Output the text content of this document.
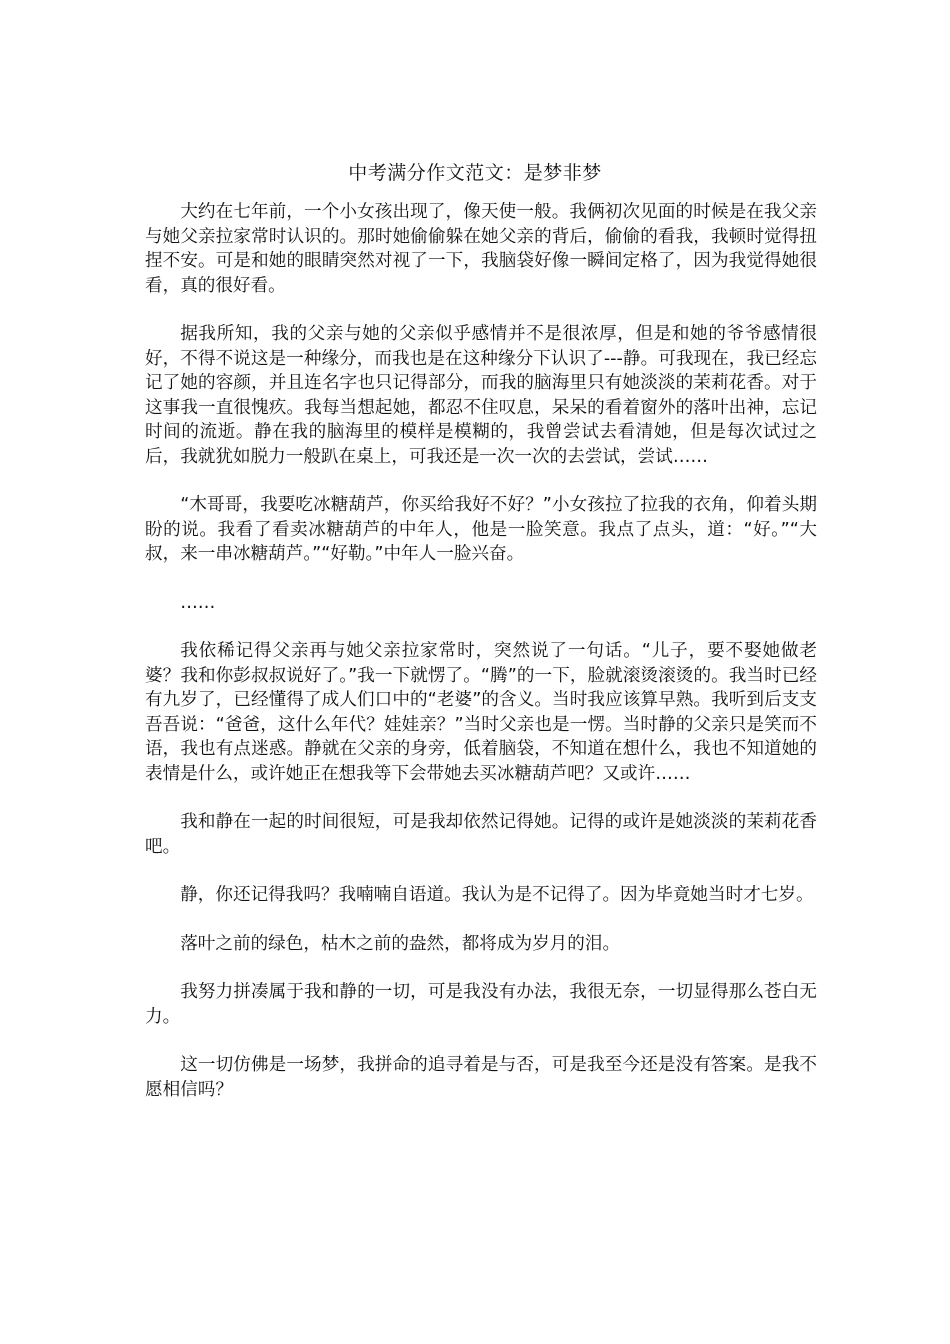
中考满分作文范文：是梦非梦

大约在七年前，一个小女孩出现了，像天使一般。我俩初次见面的时候是在我父亲与她父亲拉家常时认识的。那时她偷偷躲在她父亲的背后，偷偷的看我，我顿时觉得扭捏不安。可是和她的眼睛突然对视了一下，我脑袋好像一瞬间定格了，因为我觉得她很看，真的很好看。

据我所知，我的父亲与她的父亲似乎感情并不是很浓厚，但是和她的爷爷感情很好，不得不说这是一种缘分，而我也是在这种缘分下认识了---静。可我现在，我已经忘记了她的容颜，并且连名字也只记得部分，而我的脑海里只有她淡淡的茉莉花香。对于这事我一直很愧疚。我每当想起她，都忍不住叹息，呆呆的看着窗外的落叶出神，忘记时间的流逝。静在我的脑海里的模样是模糊的，我曾尝试去看清她，但是每次试过之后，我就犹如脱力一般趴在桌上，可我还是一次一次的去尝试，尝试……

“木哥哥，我要吃冰糖葫芦，你买给我好不好？”小女孩拉了拉我的衣角，仰着头期盼的说。我看了看卖冰糖葫芦的中年人，他是一脸笑意。我点了点头，道：“好。”“大叔，来一串冰糖葫芦。”“好勒。”中年人一脸兴奋。

……

我依稀记得父亲再与她父亲拉家常时，突然说了一句话。“儿子，要不娶她做老婆？我和你彭叔叔说好了。”我一下就愣了。“腾”的一下，脸就滚烫滚烫的。我当时已经有九岁了，已经懂得了成人们口中的“老婆”的含义。当时我应该算早熟。我听到后支支吾吾说：“爸爸，这什么年代？娃娃亲？”当时父亲也是一愣。当时静的父亲只是笑而不语，我也有点迷惑。静就在父亲的身旁，低着脑袋，不知道在想什么，我也不知道她的表情是什么，或许她正在想我等下会带她去买冰糖葫芦吧？又或许……

我和静在一起的时间很短，可是我却依然记得她。记得的或许是她淡淡的茉莉花香吧。

静，你还记得我吗？我喃喃自语道。我认为是不记得了。因为毕竟她当时才七岁。

落叶之前的绿色，枯木之前的盎然，都将成为岁月的泪。

我努力拼凑属于我和静的一切，可是我没有办法，我很无奈，一切显得那么苍白无力。

这一切仿佛是一场梦，我拼命的追寻着是与否，可是我至今还是没有答案。是我不愿相信吗？
